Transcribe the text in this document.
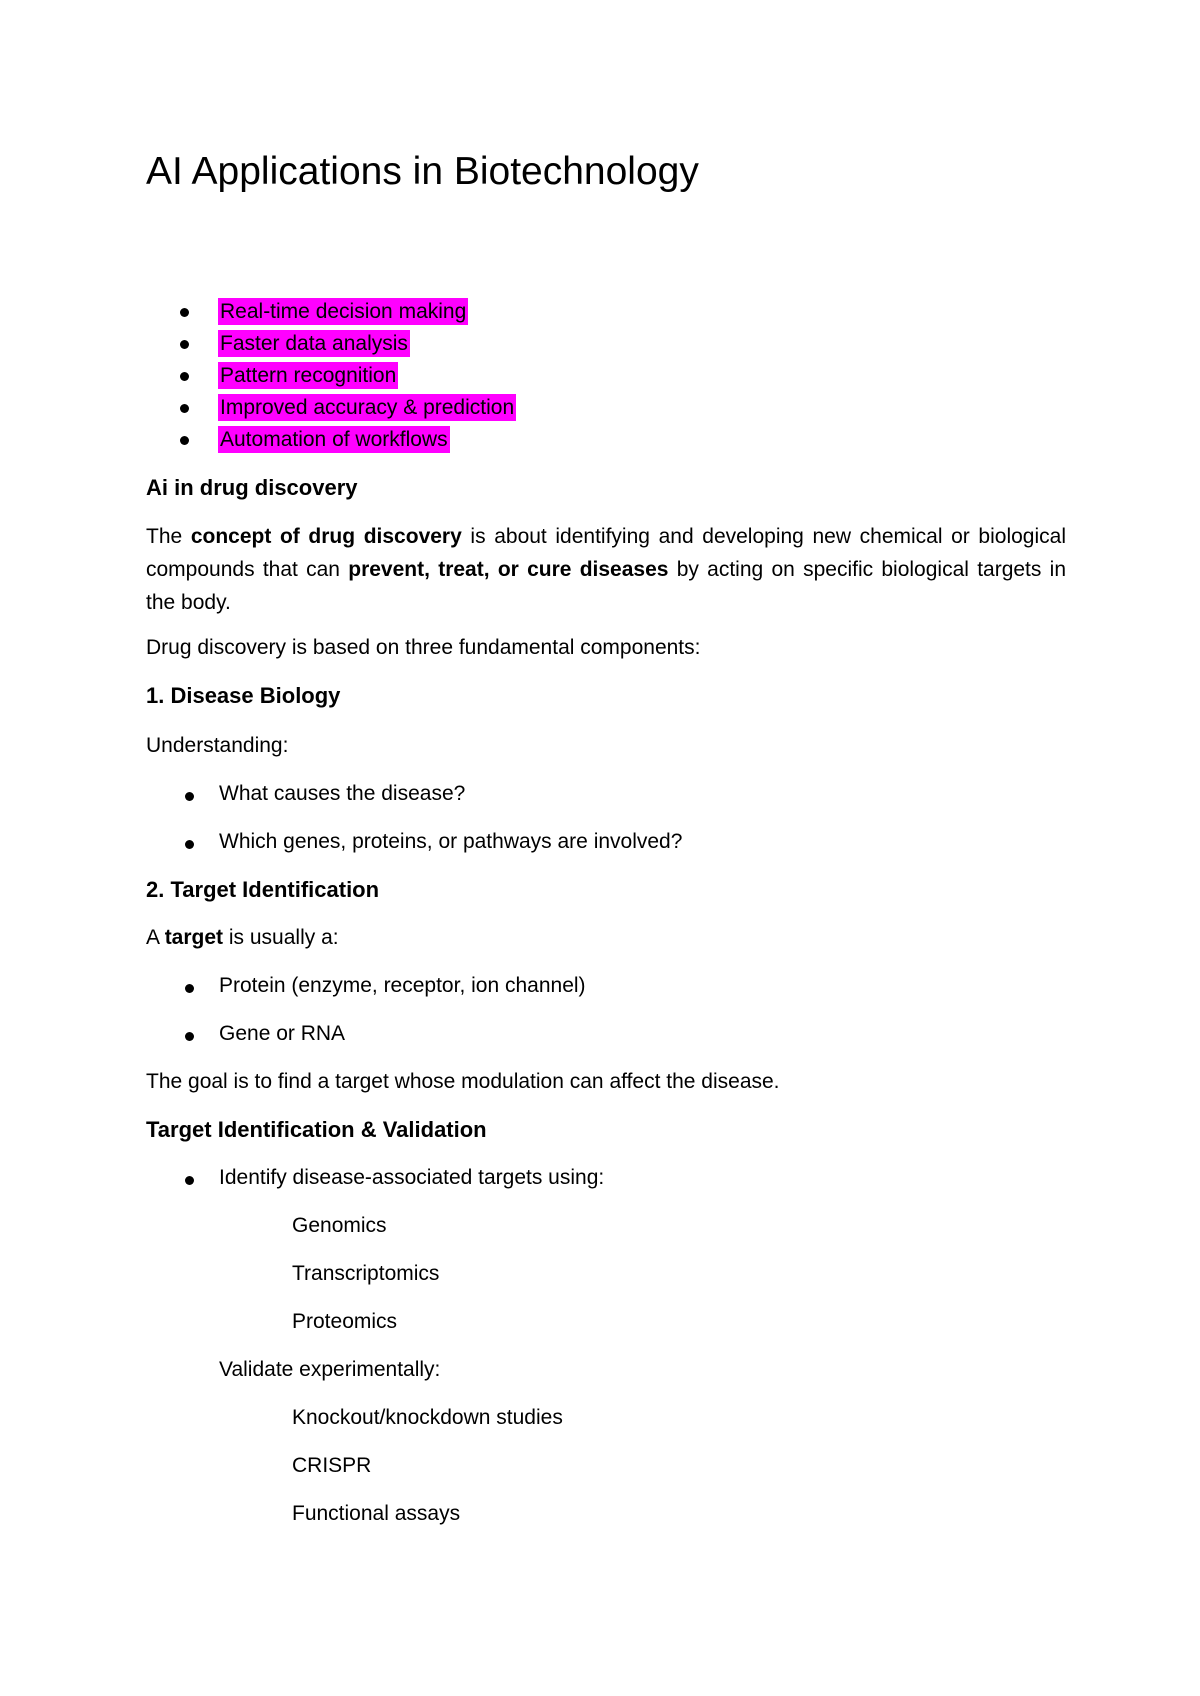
AI Applications in Biotechnology
Real-time decision making
Faster data analysis
Pattern recognition
Improved accuracy & prediction
Automation of workflows
Ai in drug discovery
The concept of drug discovery is about identifying and developing new chemical or biological compounds that can prevent, treat, or cure diseases by acting on specific biological targets in the body.
Drug discovery is based on three fundamental components:
1. Disease Biology
Understanding:
What causes the disease?
Which genes, proteins, or pathways are involved?
2. Target Identification
A target is usually a:
Protein (enzyme, receptor, ion channel)
Gene or RNA
The goal is to find a target whose modulation can affect the disease.
Target Identification & Validation
Identify disease-associated targets using:
Genomics
Transcriptomics
Proteomics
Validate experimentally:
Knockout/knockdown studies
CRISPR
Functional assays
